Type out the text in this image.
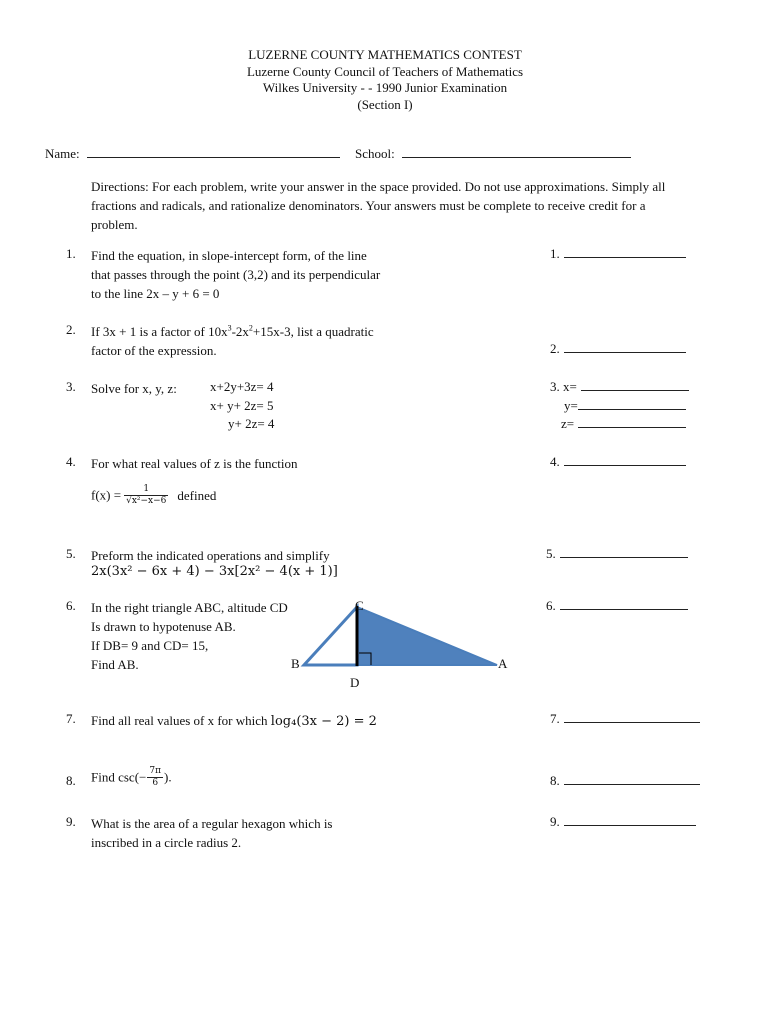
LUZERNE COUNTY MATHEMATICS CONTEST
Luzerne County Council of Teachers of Mathematics
Wilkes University - - 1990 Junior Examination
(Section I)
Name:	School:
Directions: For each problem, write your answer in the space provided. Do not use approximations. Simply all
fractions and radicals, and rationalize denominators. Your answers must be complete to receive credit for a
problem.
1. Find the equation, in slope-intercept form, of the line
that passes through the point (3,2) and its perpendicular
to the line 2x – y + 6 = 0
1.
2. If 3x + 1 is a factor of $10x^3-2x^2+15x-3$, list a quadratic
factor of the expression.	2.
3. Solve for x, y, z:	x+2y+3z= 4
x+ y+ 2z= 5
y+ 2z= 4
3. x=
y=
z=
4. For what real values of z is the function
$f(x) = \frac{1}{\text{√x²−x−6}}$ defined
4.
5. Preform the indicated operations and simplify
2x(3x² − 6x + 4) − 3x[2x² − 4(x + 1)]
5.
6. In the right triangle ABC, altitude CD
Is drawn to hypotenuse AB.
If DB= 9 and CD= 15,
Find AB.	B	A
C
D
6.
7. Find all real values of x for which log₄(3x − 2) = 2	7.
8. Find $\csc(- \frac{7\pi}{6}$ ).	8.
9. What is the area of a regular hexagon which is
inscribed in a circle radius 2.
9.
